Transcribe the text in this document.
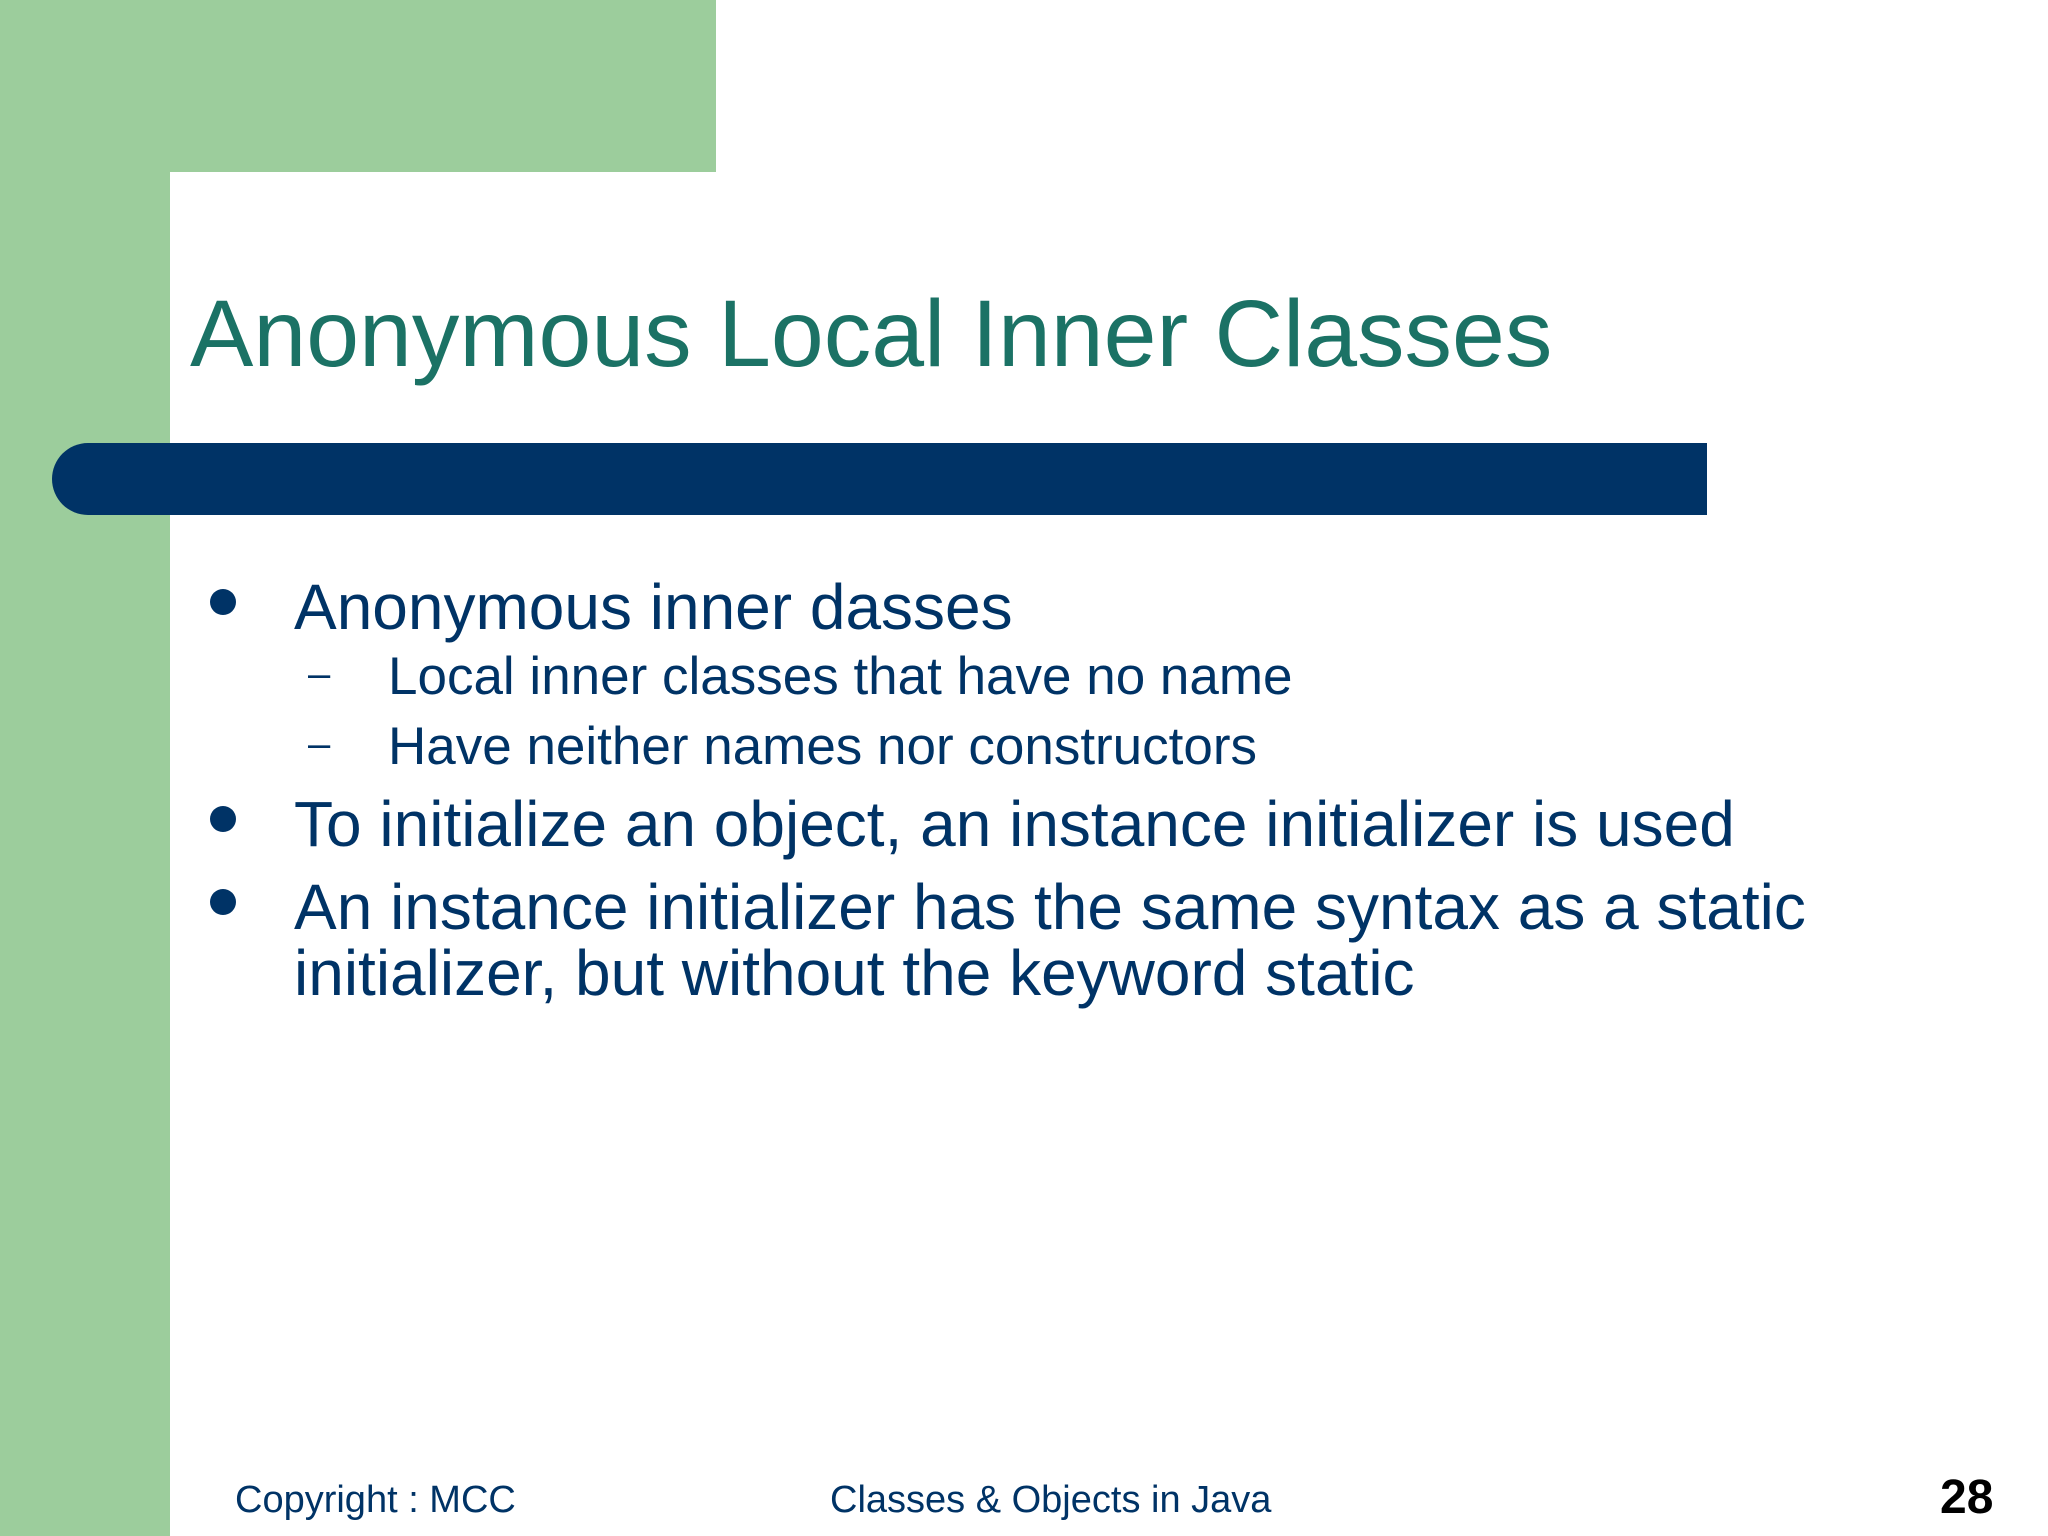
Anonymous Local Inner Classes
Anonymous inner dasses
–	Local inner classes that have no name
–	Have neither names nor constructors
To initialize an object, an instance initializer is used
An instance initializer has the same syntax as a static
initializer, but without the keyword static
Copyright : MCC	Classes & Objects in Java	28
